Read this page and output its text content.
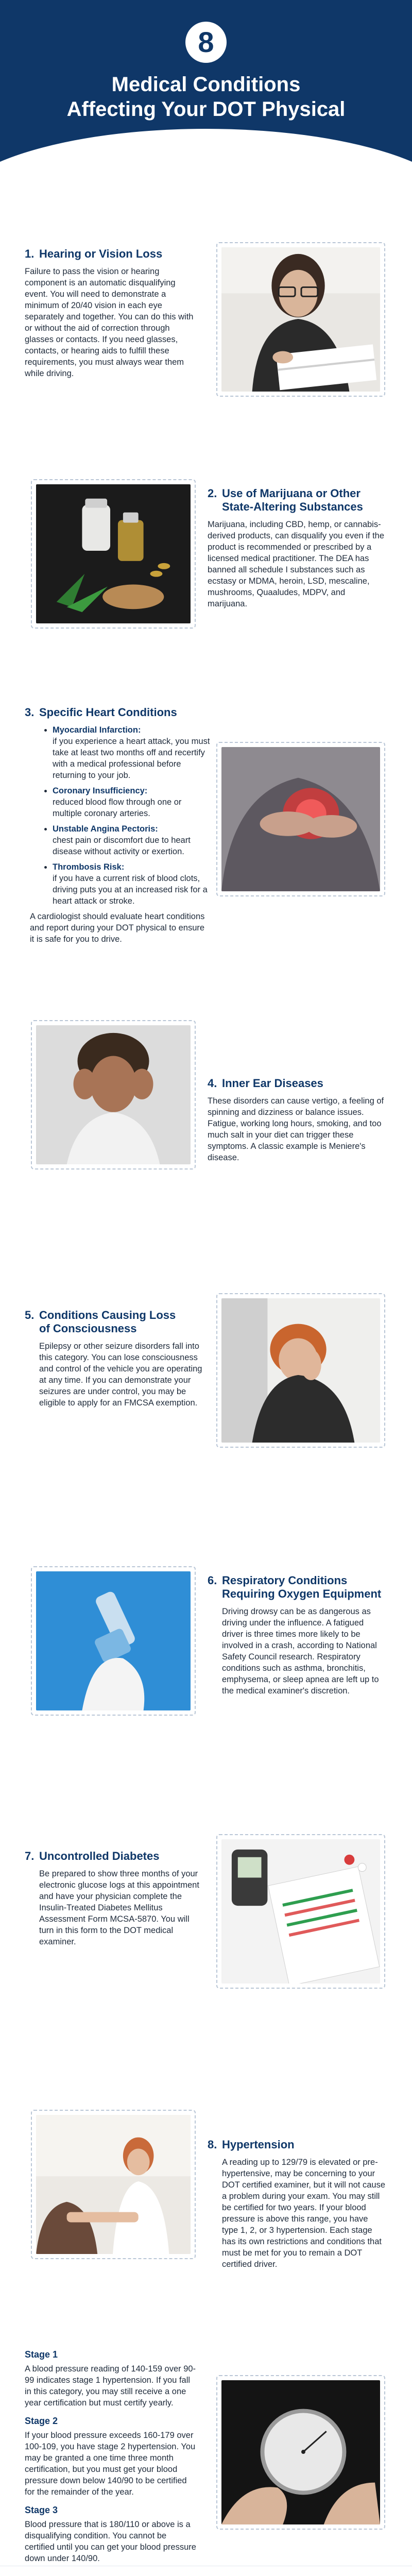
8
Medical Conditions
Affecting Your DOT Physical
1. Hearing or Vision Loss
Failure to pass the vision or hearing component is an automatic disqualifying event. You will need to demonstrate a minimum of 20/40 vision in each eye separately and together. You can do this with or without the aid of correction through glasses or contacts. If you need glasses, contacts, or hearing aids to fulfill these requirements, you must always wear them while driving.
2. Use of Marijuana or Other
State-Altering Substances
Marijuana, including CBD, hemp, or cannabis-derived products, can disqualify you even if the product is recommended or prescribed by a licensed medical practitioner. The DEA has banned all schedule I substances such as ecstasy or MDMA, heroin, LSD, mescaline, mushrooms, Quaaludes, MDPV, and marijuana.
3. Specific Heart Conditions
• Myocardial Infarction:
if you experience a heart attack, you must take at least two months off and recertify with a medical professional before returning to your job.
• Coronary Insufficiency:
reduced blood flow through one or multiple coronary arteries.
• Unstable Angina Pectoris:
chest pain or discomfort due to heart disease without activity or exertion.
• Thrombosis Risk:
if you have a current risk of blood clots, driving puts you at an increased risk for a heart attack or stroke.
A cardiologist should evaluate heart conditions and report during your DOT physical to ensure it is safe for you to drive.
4. Inner Ear Diseases
These disorders can cause vertigo, a feeling of spinning and dizziness or balance issues. Fatigue, working long hours, smoking, and too much salt in your diet can trigger these symptoms. A classic example is Meniere's disease.
5. Conditions Causing Loss
of Consciousness
Epilepsy or other seizure disorders fall into this category. You can lose consciousness and control of the vehicle you are operating at any time. If you can demonstrate your seizures are under control, you may be eligible to apply for an FMCSA exemption.
6. Respiratory Conditions
Requiring Oxygen Equipment
Driving drowsy can be as dangerous as driving under the influence. A fatigued driver is three times more likely to be involved in a crash, according to National Safety Council research. Respiratory conditions such as asthma, bronchitis, emphysema, or sleep apnea are left up to the medical examiner's discretion.
7. Uncontrolled Diabetes
Be prepared to show three months of your electronic glucose logs at this appointment and have your physician complete the Insulin-Treated Diabetes Mellitus Assessment Form MCSA-5870. You will turn in this form to the DOT medical examiner.
8. Hypertension
A reading up to 129/79 is elevated or pre-hypertensive, may be concerning to your DOT certified examiner, but it will not cause a problem during your exam. You may still be certified for two years. If your blood pressure is above this range, you have type 1, 2, or 3 hypertension. Each stage has its own restrictions and conditions that must be met for you to remain a DOT certified driver.
Stage 1
A blood pressure reading of 140-159 over 90-99 indicates stage 1 hypertension. If you fall in this category, you may still receive a one year certification but must certify yearly.
Stage 2
If your blood pressure exceeds 160-179 over 100-109, you have stage 2 hypertension. You may be granted a one time three month certification, but you must get your blood pressure down below 140/90 to be certified for the remainder of the year.
Stage 3
Blood pressure that is 180/110 or above is a disqualifying condition. You cannot be certified until you can get your blood pressure down under 140/90.
